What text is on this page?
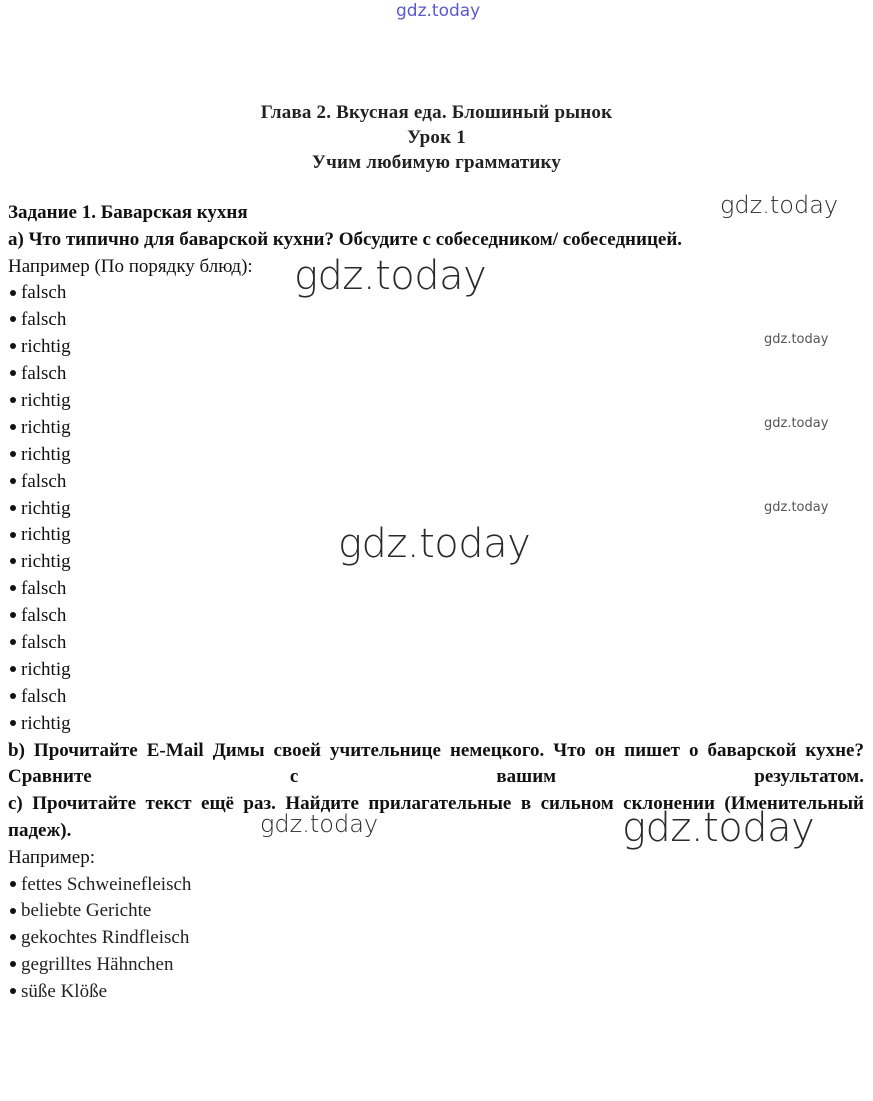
gdz.today
Глава 2. Вкусная еда. Блошиный рынок
Урок 1
Учим любимую грамматику
Задание 1. Баварская кухня
а) Что типично для баварской кухни? Обсудите с собеседником/ собеседницей.
Например (По порядку блюд):
falsch
falsch
richtig
falsch
richtig
richtig
richtig
falsch
richtig
richtig
richtig
falsch
falsch
falsch
richtig
falsch
richtig
b) Прочитайте E-Mail Димы своей учительнице немецкого. Что он пишет о баварской кухне? Сравните с вашим результатом.
c) Прочитайте текст ещё раз. Найдите прилагательные в сильном склонении (Именительный падеж).
Например:
fettes Schweinefleisch
beliebte Gerichte
gekochtes Rindfleisch
gegrilltes Hähnchen
süße Klöße
gdz.today
gdz.today
gdz.today
gdz.today
gdz.today
gdz.today
gdz.today	gdz.today
